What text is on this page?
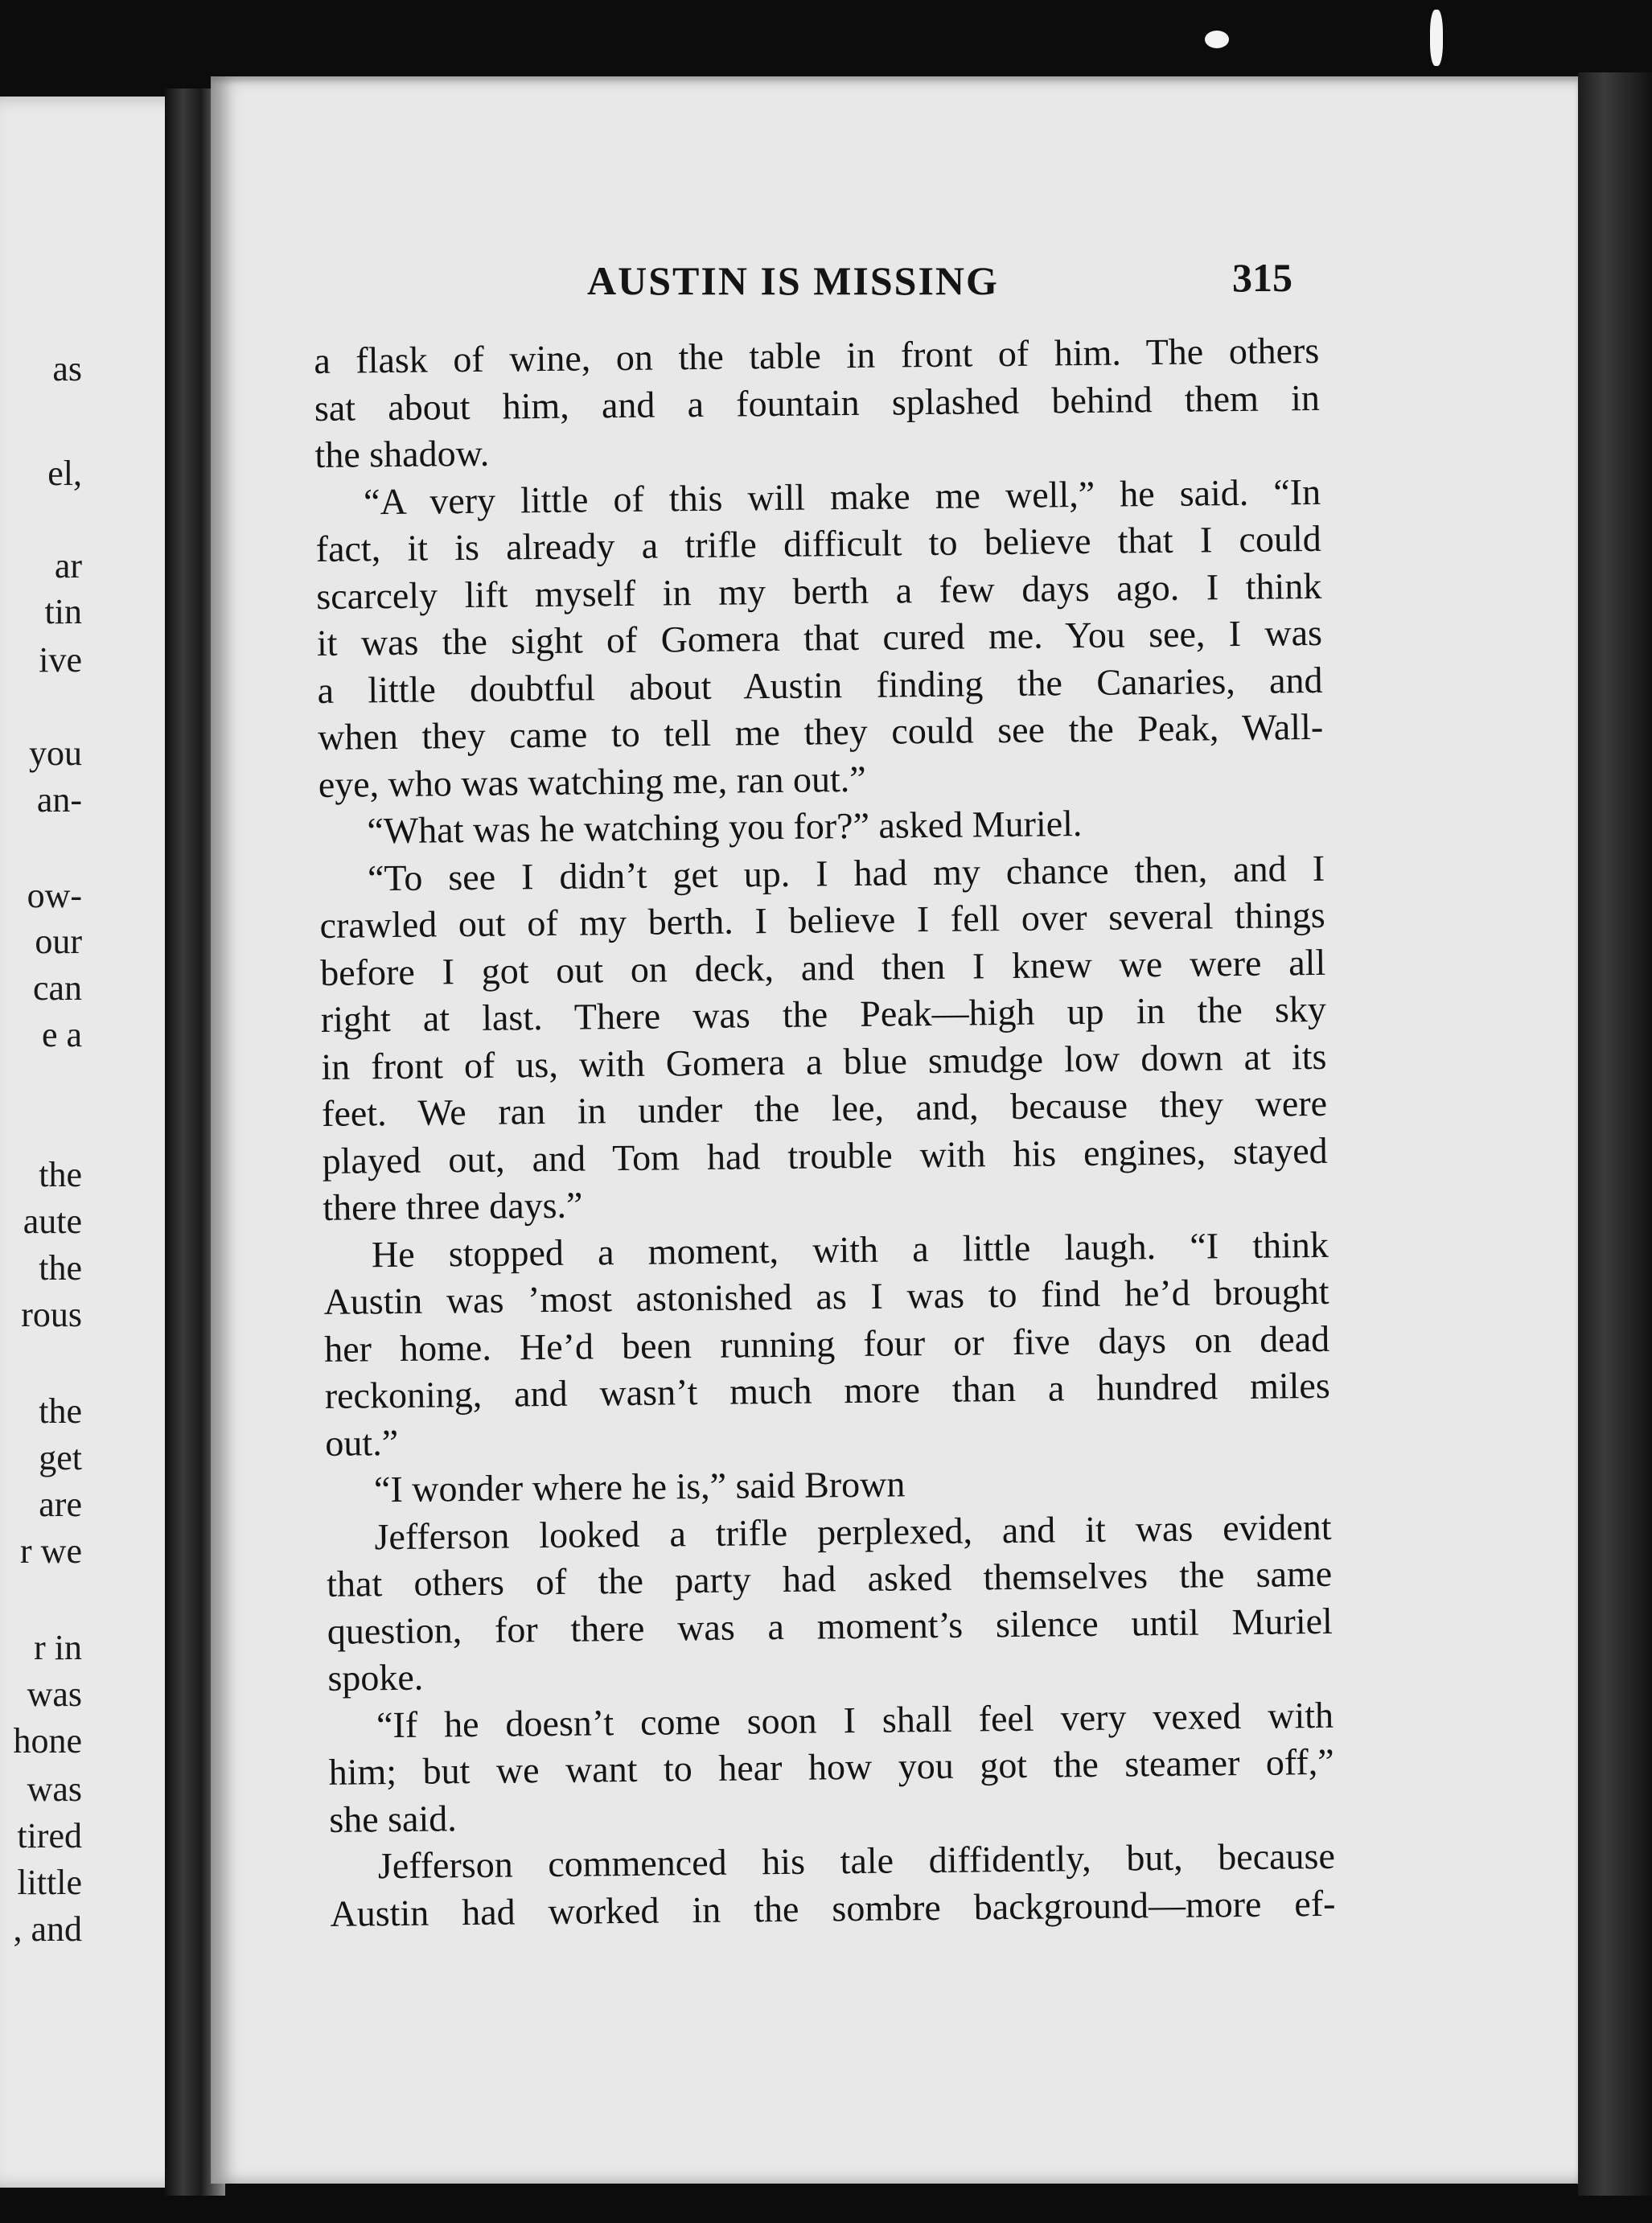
as
el,
ar
tin
ive
you
an-
ow-
our
can
e a
the
aute
the
rous
the
get
are
r we
r in
was
hone
was
tired
little
, and
AUSTIN IS MISSING	315
a flask of wine, on the table in front of him. The others
sat about him, and a fountain splashed behind them in
the shadow.
“A very little of this will make me well,” he said. “In
fact, it is already a trifle difficult to believe that I could
scarcely lift myself in my berth a few days ago. I think
it was the sight of Gomera that cured me. You see, I was
a little doubtful about Austin finding the Canaries, and
when they came to tell me they could see the Peak, Wall-
eye, who was watching me, ran out.”
“What was he watching you for?” asked Muriel.
“To see I didn’t get up. I had my chance then, and I
crawled out of my berth. I believe I fell over several things
before I got out on deck, and then I knew we were all
right at last. There was the Peak—high up in the sky
in front of us, with Gomera a blue smudge low down at its
feet. We ran in under the lee, and, because they were
played out, and Tom had trouble with his engines, stayed
there three days.”
He stopped a moment, with a little laugh. “I think
Austin was ’most astonished as I was to find he’d brought
her home. He’d been running four or five days on dead
reckoning, and wasn’t much more than a hundred miles
out.”
“I wonder where he is,” said Brown
Jefferson looked a trifle perplexed, and it was evident
that others of the party had asked themselves the same
question, for there was a moment’s silence until Muriel
spoke.
“If he doesn’t come soon I shall feel very vexed with
him; but we want to hear how you got the steamer off,”
she said.
Jefferson commenced his tale diffidently, but, because
Austin had worked in the sombre background—more ef-
